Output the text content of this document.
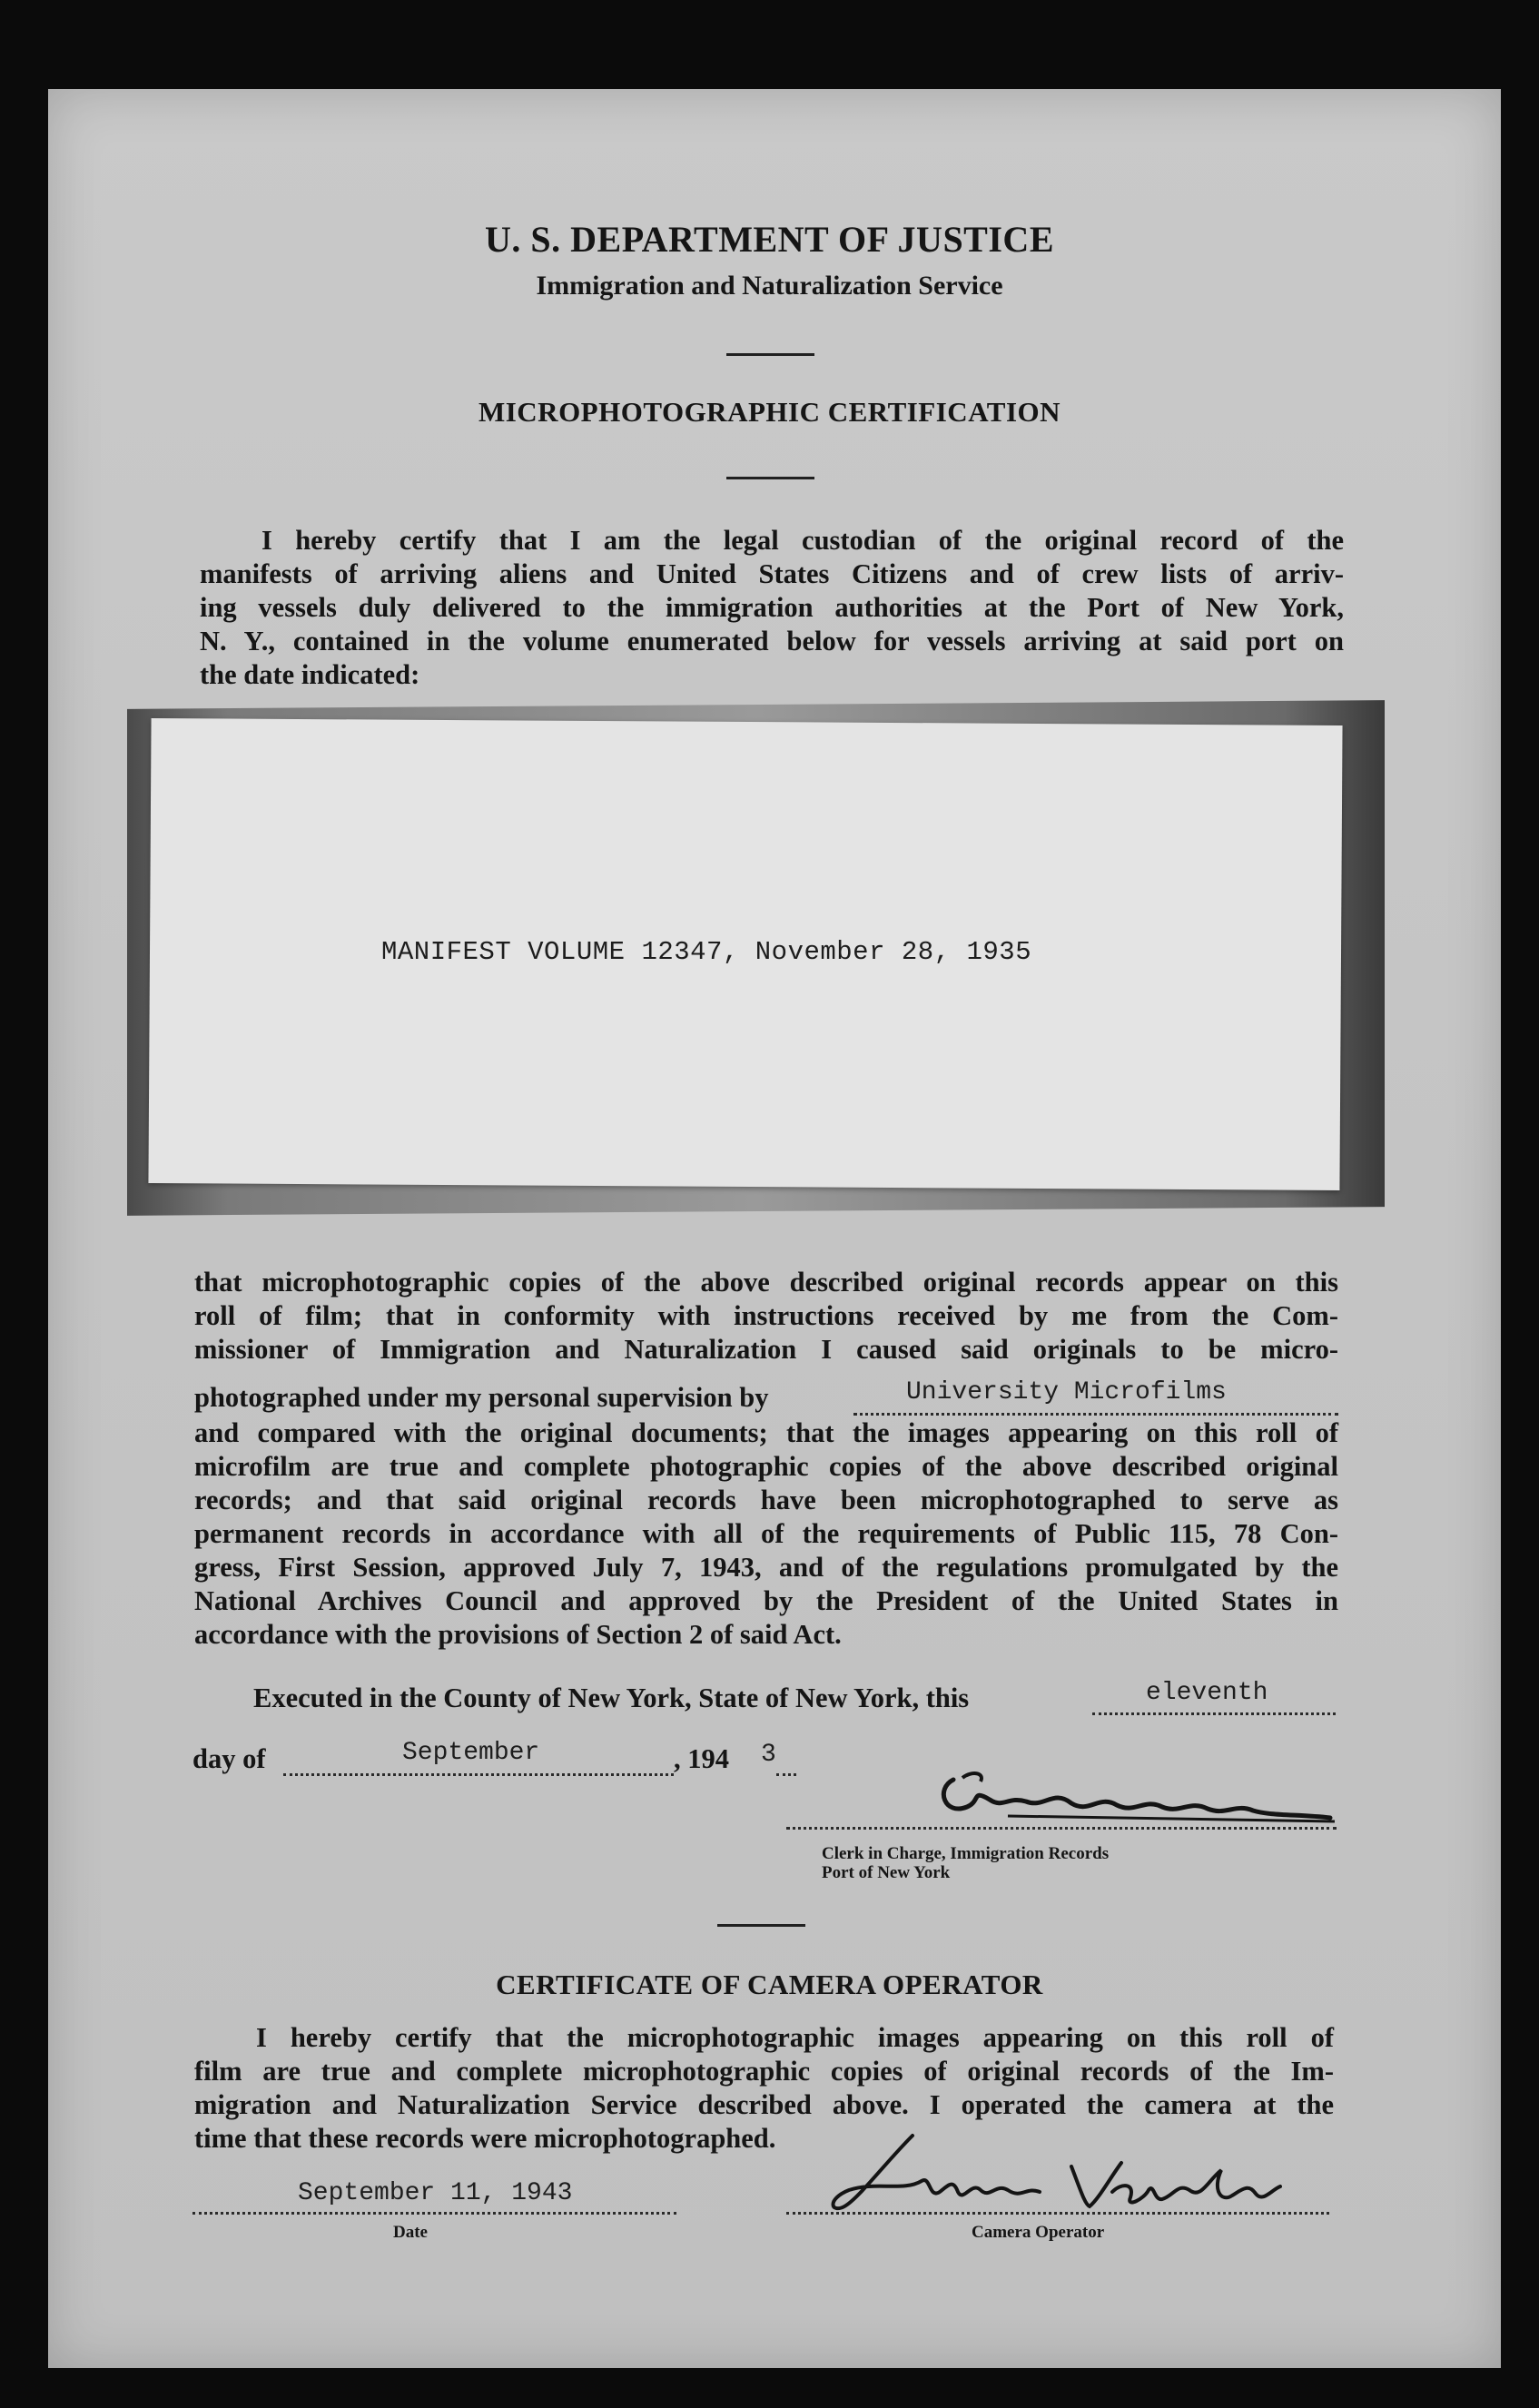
U. S. DEPARTMENT OF JUSTICE
Immigration and Naturalization Service
MICROPHOTOGRAPHIC CERTIFICATION
I hereby certify that I am the legal custodian of the original record of the
manifests of arriving aliens and United States Citizens and of crew lists of arriv-
ing vessels duly delivered to the immigration authorities at the Port of New York,
N. Y., contained in the volume enumerated below for vessels arriving at said port on
the date indicated:
MANIFEST VOLUME 12347, November 28, 1935
that microphotographic copies of the above described original records appear on this
roll of film; that in conformity with instructions received by me from the Com-
missioner of Immigration and Naturalization I caused said originals to be micro-
photographed under my personal supervision by	University Microfilms
and compared with the original documents; that the images appearing on this roll of
microfilm are true and complete photographic copies of the above described original
records; and that said original records have been microphotographed to serve as
permanent records in accordance with all of the requirements of Public 115, 78 Con-
gress, First Session, approved July 7, 1943, and of the regulations promulgated by the
National Archives Council and approved by the President of the United States in
accordance with the provisions of Section 2 of said Act.
Executed in the County of New York, State of New York, this	eleventh
day of	September	, 194 3
Clerk in Charge, Immigration Records
Port of New York
CERTIFICATE OF CAMERA OPERATOR
I hereby certify that the microphotographic images appearing on this roll of
film are true and complete microphotographic copies of original records of the Im-
migration and Naturalization Service described above. I operated the camera at the
time that these records were microphotographed.
September 11, 1943
Date	Camera Operator
